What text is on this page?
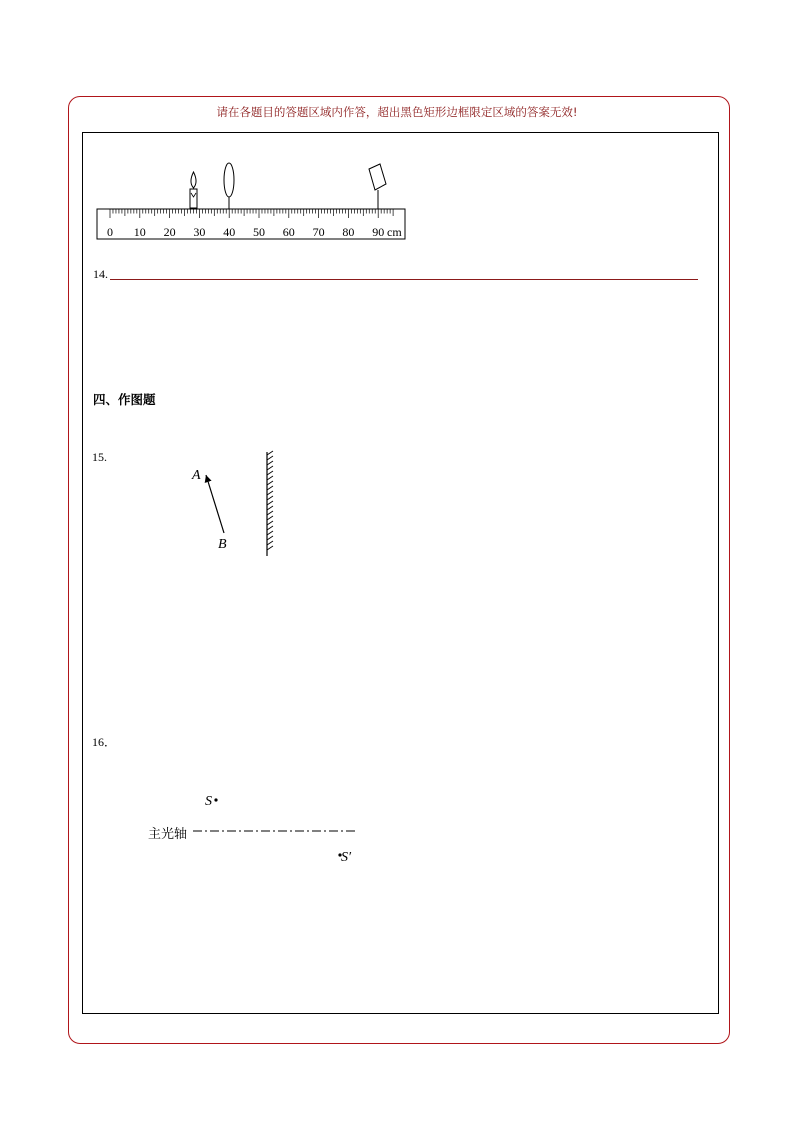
请在各题目的答题区域内作答，超出黑色矩形边框限定区域的答案无效!
0 10 20 30 40 50 60 70 80 90 cm
A
B
S
S′
14.
四、作图题
15.
16．
主光轴
